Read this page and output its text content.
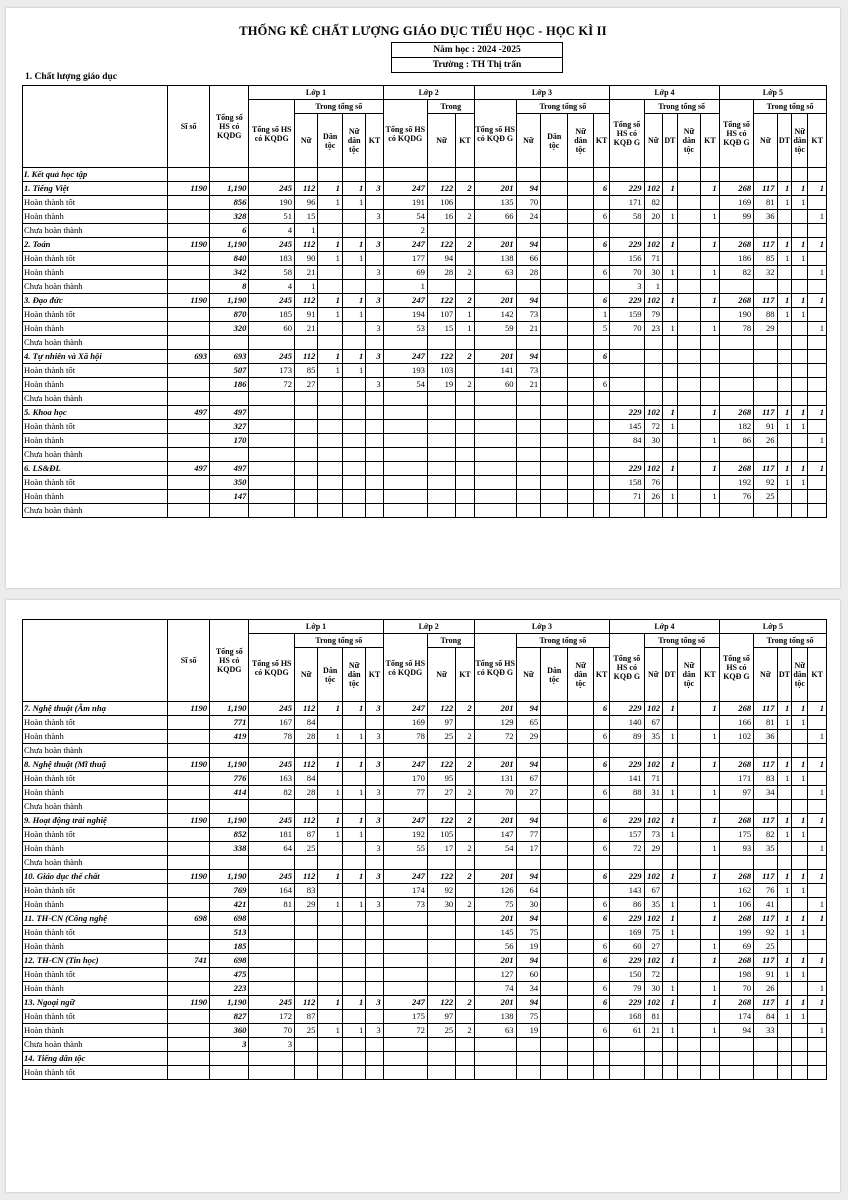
THỐNG KÊ CHẤT LƯỢNG GIÁO DỤC TIỂU HỌC - HỌC KÌ II
Năm học : 2024 -2025
Trường : TH Thị trấn
1. Chất lượng giáo dục
	Sĩ số	Tổng số HS có KQDG	Lớp 1					Lớp 2			Lớp 3					Lớp 4					Lớp 5				
			Tổng số HS có KQDG	Trong tổng số				Tổng số HS có KQDG	Trong		Tổng số HS có KQĐ G	Trong tổng số				Tổng số HS có KQĐ G	Trong tổng số				Tổng số HS có KQĐ G	Trong tổng số			
				Nữ	Dân tộc	Nữ dân tộc	KT		Nữ	KT		Nữ	Dân tộc	Nữ dân tộc	KT		Nữ	DT	Nữ dân tộc	KT		Nữ	DT	Nữ dân tộc	KT
I. Kết quả học tập																									
1. Tiếng Việt	1190	1,190	245	112	1	1	3	247	122	2	201	94			6	229	102	1		1	268	117	1	1	1
Hoàn thành tốt		856	190	96	1	1		191	106		135	70				171	82				169	81	1	1	
Hoàn thành		328	51	15			3	54	16	2	66	24			6	58	20	1		1	99	36			1
Chưa hoàn thành		6	4	1				2																	
2. Toán	1190	1,190	245	112	1	1	3	247	122	2	201	94			6	229	102	1		1	268	117	1	1	1
Hoàn thành tốt		840	183	90	1	1		177	94		138	66				156	71				186	85	1	1	
Hoàn thành		342	58	21			3	69	28	2	63	28			6	70	30	1		1	82	32			1
Chưa hoàn thành		8	4	1				1								3	1								
3. Đạo đức	1190	1,190	245	112	1	1	3	247	122	2	201	94			6	229	102	1		1	268	117	1	1	1
Hoàn thành tốt		870	185	91	1	1		194	107	1	142	73			1	159	79				190	88	1	1	
Hoàn thành		320	60	21			3	53	15	1	59	21			5	70	23	1		1	78	29			1
Chưa hoàn thành																									
4. Tự nhiên và Xã hội	693	693	245	112	1	1	3	247	122	2	201	94			6										
Hoàn thành tốt		507	173	85	1	1		193	103		141	73													
Hoàn thành		186	72	27			3	54	19	2	60	21			6										
Chưa hoàn thành																									
5. Khoa học	497	497														229	102	1		1	268	117	1	1	1
Hoàn thành tốt		327														145	72	1			182	91	1	1	
Hoàn thành		170														84	30			1	86	26			1
Chưa hoàn thành																									
6. LS&ĐL	497	497														229	102	1		1	268	117	1	1	1
Hoàn thành tốt		350														158	76				192	92	1	1	
Hoàn thành		147														71	26	1		1	76	25			
Chưa hoàn thành																									
	Sĩ số	Tổng số HS có KQDG	Lớp 1					Lớp 2			Lớp 3					Lớp 4					Lớp 5				
			Tổng số HS có KQDG	Trong tổng số				Tổng số HS có KQDG	Trong		Tổng số HS có KQĐ G	Trong tổng số				Tổng số HS có KQĐ G	Trong tổng số				Tổng số HS có KQĐ G	Trong tổng số			
				Nữ	Dân tộc	Nữ dân tộc	KT		Nữ	KT		Nữ	Dân tộc	Nữ dân tộc	KT		Nữ	DT	Nữ dân tộc	KT		Nữ	DT	Nữ dân tộc	KT
7. Nghệ thuật (Âm nhạ	1190	1,190	245	112	1	1	3	247	122	2	201	94			6	229	102	1		1	268	117	1	1	1
Hoàn thành tốt		771	167	84				169	97		129	65				140	67				166	81	1	1	
Hoàn thành		419	78	28	1	1	3	78	25	2	72	29			6	89	35	1		1	102	36			1
Chưa hoàn thành																									
8. Nghệ thuật (Mĩ thuậ	1190	1,190	245	112	1	1	3	247	122	2	201	94			6	229	102	1		1	268	117	1	1	1
Hoàn thành tốt		776	163	84				170	95		131	67				141	71				171	83	1	1	
Hoàn thành		414	82	28	1	1	3	77	27	2	70	27			6	88	31	1		1	97	34			1
Chưa hoàn thành																									
9. Hoạt động trải nghiệ	1190	1,190	245	112	1	1	3	247	122	2	201	94			6	229	102	1		1	268	117	1	1	1
Hoàn thành tốt		852	181	87	1	1		192	105		147	77				157	73	1			175	82	1	1	
Hoàn thành		338	64	25			3	55	17	2	54	17			6	72	29			1	93	35			1
Chưa hoàn thành																									
10. Giáo dục thể chất	1190	1,190	245	112	1	1	3	247	122	2	201	94			6	229	102	1		1	268	117	1	1	1
Hoàn thành tốt		769	164	83				174	92		126	64				143	67				162	76	1	1	
Hoàn thành		421	81	29	1	1	3	73	30	2	75	30			6	86	35	1		1	106	41			1
11. TH-CN (Công nghệ	698	698									201	94			6	229	102	1		1	268	117	1	1	1
Hoàn thành tốt		513									145	75				169	75	1			199	92	1	1	
Hoàn thành		185									56	19			6	60	27			1	69	25			
12. TH-CN (Tin học)	741	698									201	94			6	229	102	1		1	268	117	1	1	1
Hoàn thành tốt		475									127	60				150	72				198	91	1	1	
Hoàn thành		223									74	34			6	79	30	1		1	70	26			1
13. Ngoại ngữ	1190	1,190	245	112	1	1	3	247	122	2	201	94			6	229	102	1		1	268	117	1	1	1
Hoàn thành tốt		827	172	87				175	97		138	75				168	81				174	84	1	1	
Hoàn thành		360	70	25	1	1	3	72	25	2	63	19			6	61	21	1		1	94	33			1
Chưa hoàn thành		3	3																						
14. Tiếng dân tộc																									
Hoàn thành tốt																									
